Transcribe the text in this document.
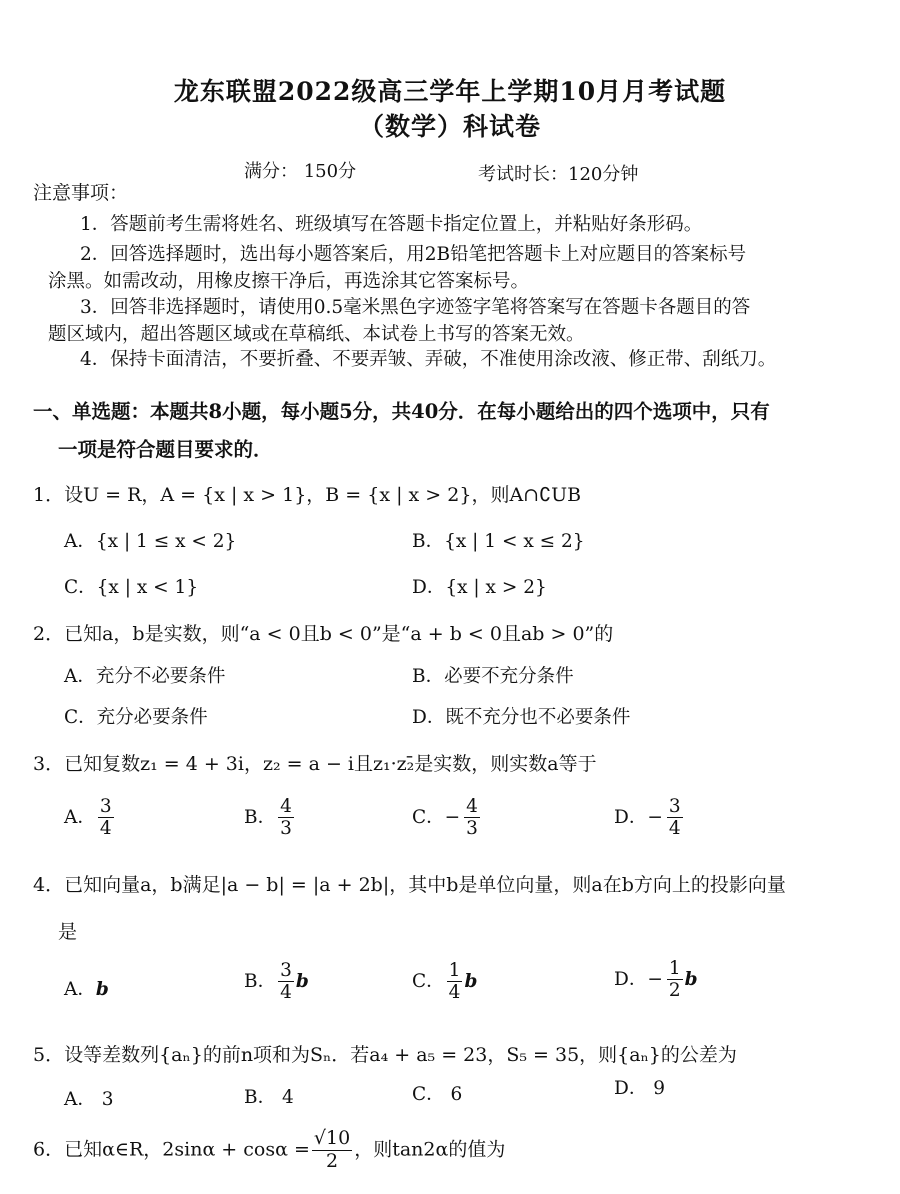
龙东联盟2022级高三学年上学期10月月考试题
（数学）科试卷
满分： 150分	考试时长：120分钟
注意事项：
1．答题前考生需将姓名、班级填写在答题卡指定位置上，并粘贴好条形码。
2．回答选择题时，选出每小题答案后，用2B铅笔把答题卡上对应题目的答案标号
涂黑。如需改动，用橡皮擦干净后，再选涂其它答案标号。
3．回答非选择题时，请使用0.5毫米黑色字迹签字笔将答案写在答题卡各题目的答
题区域内，超出答题区域或在草稿纸、本试卷上书写的答案无效。
4．保持卡面清洁，不要折叠、不要弄皱、弄破，不准使用涂改液、修正带、刮纸刀。
一、单选题：本题共8小题，每小题5分，共40分．在每小题给出的四个选项中，只有
一项是符合题目要求的．
1．设U = R，A = {x | x > 1}，B = {x | x > 2}，则A∩∁UB
A．{x | 1 ≤ x < 2}	B．{x | 1 < x ≤ 2}
C．{x | x < 1}	D．{x | x > 2}
2．已知a，b是实数，则“a < 0且b < 0”是“a + b < 0且ab > 0”的
A．充分不必要条件	B．必要不充分条件
C．充分必要条件	D．既不充分也不必要条件
3．已知复数z₁ = 4 + 3i，z₂ = a − i且z₁·z₂̄是实数，则实数a等于
A． $\frac{3}{4}$	B． $\frac{4}{3}$	C．− $\frac{4}{3}$	D．− $\frac{3}{4}$
4．已知向量a，b满足|a − b| = |a + 2b|，其中b是单位向量，则a在b方向上的投影向量
是
A．b	B． $\frac{3}{4}$ b	C． $\frac{1}{4}$ b	D．− $\frac{1}{2}$ b
5．设等差数列{aₙ}的前n项和为Sₙ．若a₄ + a₅ = 23，S₅ = 35，则{aₙ}的公差为
A． 3	B． 4	C． 6	D． 9
6．已知α∈R，$2\sin\alpha + \cos\alpha = \frac{√10}{2}$ ，则tan2α的值为
